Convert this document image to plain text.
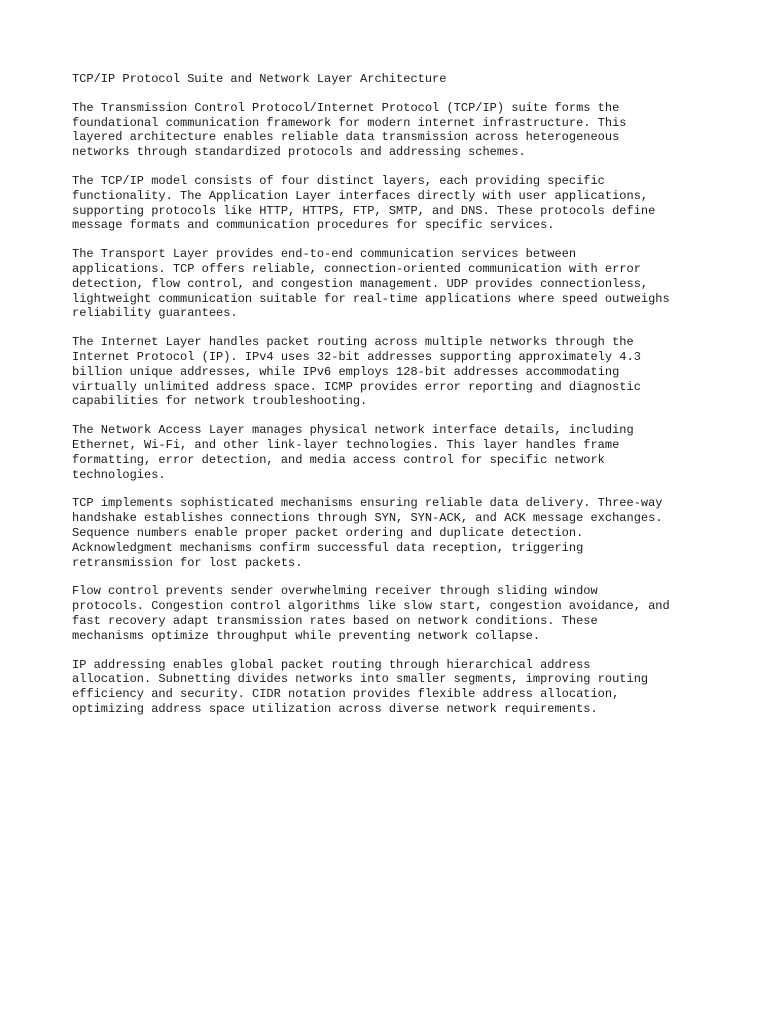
TCP/IP Protocol Suite and Network Layer Architecture
The Transmission Control Protocol/Internet Protocol (TCP/IP) suite forms the
foundational communication framework for modern internet infrastructure. This
layered architecture enables reliable data transmission across heterogeneous
networks through standardized protocols and addressing schemes.
The TCP/IP model consists of four distinct layers, each providing specific
functionality. The Application Layer interfaces directly with user applications,
supporting protocols like HTTP, HTTPS, FTP, SMTP, and DNS. These protocols define
message formats and communication procedures for specific services.
The Transport Layer provides end-to-end communication services between
applications. TCP offers reliable, connection-oriented communication with error
detection, flow control, and congestion management. UDP provides connectionless,
lightweight communication suitable for real-time applications where speed outweighs
reliability guarantees.
The Internet Layer handles packet routing across multiple networks through the
Internet Protocol (IP). IPv4 uses 32-bit addresses supporting approximately 4.3
billion unique addresses, while IPv6 employs 128-bit addresses accommodating
virtually unlimited address space. ICMP provides error reporting and diagnostic
capabilities for network troubleshooting.
The Network Access Layer manages physical network interface details, including
Ethernet, Wi-Fi, and other link-layer technologies. This layer handles frame
formatting, error detection, and media access control for specific network
technologies.
TCP implements sophisticated mechanisms ensuring reliable data delivery. Three-way
handshake establishes connections through SYN, SYN-ACK, and ACK message exchanges.
Sequence numbers enable proper packet ordering and duplicate detection.
Acknowledgment mechanisms confirm successful data reception, triggering
retransmission for lost packets.
Flow control prevents sender overwhelming receiver through sliding window
protocols. Congestion control algorithms like slow start, congestion avoidance, and
fast recovery adapt transmission rates based on network conditions. These
mechanisms optimize throughput while preventing network collapse.
IP addressing enables global packet routing through hierarchical address
allocation. Subnetting divides networks into smaller segments, improving routing
efficiency and security. CIDR notation provides flexible address allocation,
optimizing address space utilization across diverse network requirements.
